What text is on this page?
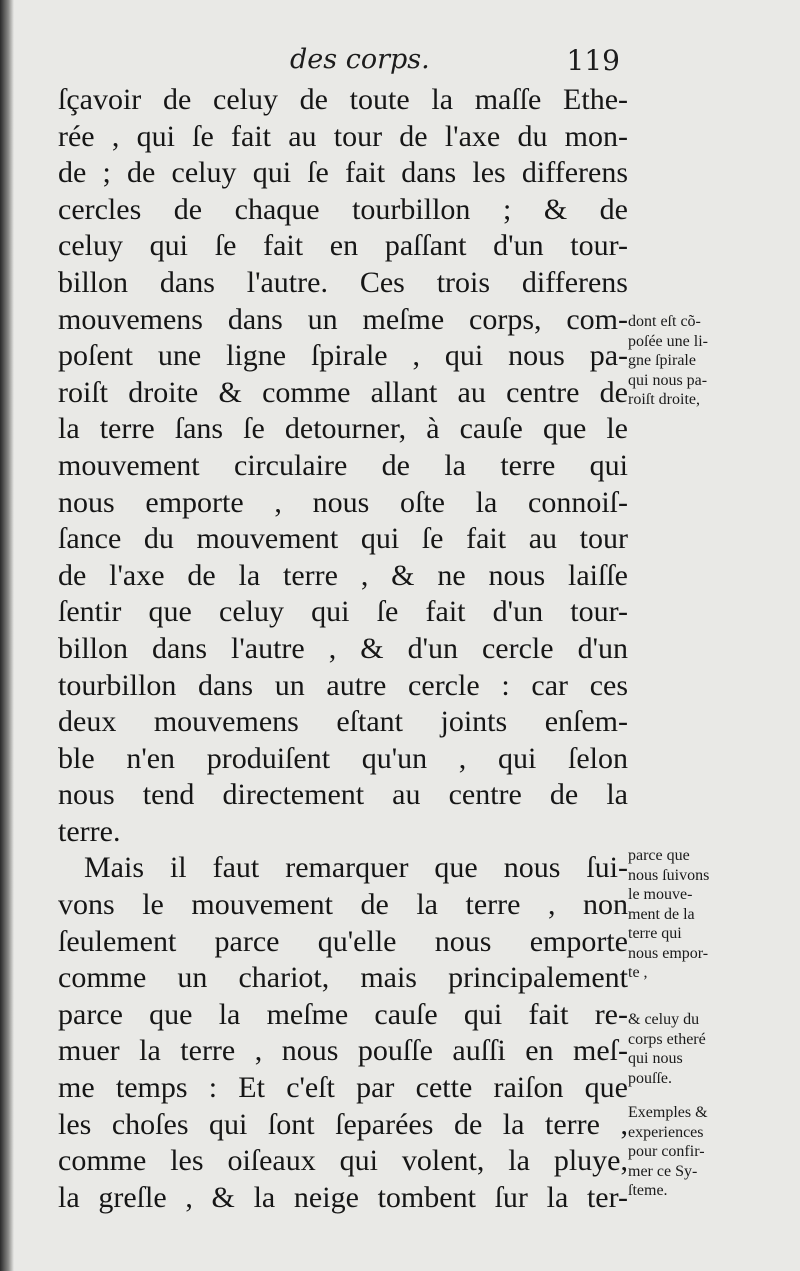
des corps.	119
ſçavoir de celuy de toute la maſſe Ethe-
rée , qui ſe fait au tour de l'axe du mon-
de ; de celuy qui ſe fait dans les differens
cercles de chaque tourbillon ; & de
celuy qui ſe fait en paſſant d'un tour-
billon dans l'autre. Ces trois differens
mouvemens dans un meſme corps, com-
poſent une ligne ſpirale , qui nous pa-
roiſt droite & comme allant au centre de
la terre ſans ſe detourner, à cauſe que le
mouvement circulaire de la terre qui
nous emporte , nous oſte la connoiſ-
ſance du mouvement qui ſe fait au tour
de l'axe de la terre , & ne nous laiſſe
ſentir que celuy qui ſe fait d'un tour-
billon dans l'autre , & d'un cercle d'un
tourbillon dans un autre cercle : car ces
deux mouvemens eſtant joints enſem-
ble n'en produiſent qu'un , qui ſelon
nous tend directement au centre de la
terre.
Mais il faut remarquer que nous ſui-
vons le mouvement de la terre , non
ſeulement parce qu'elle nous emporte
comme un chariot, mais principalement
parce que la meſme cauſe qui fait re-
muer la terre , nous pouſſe auſſi en meſ-
me temps : Et c'eſt par cette raiſon que
les choſes qui ſont ſeparées de la terre ,
comme les oiſeaux qui volent, la pluye,
la greſle , & la neige tombent ſur la ter-
dont eſt cõ-
poſée une li-
gne ſpirale
qui nous pa-
roiſt droite,
parce que
nous ſuivons
le mouve-
ment de la
terre qui
nous empor-
te ,
& celuy du
corps etheré
qui nous
pouſſe.
Exemples &
experiences
pour confir-
mer ce Sy-
ſteme.
